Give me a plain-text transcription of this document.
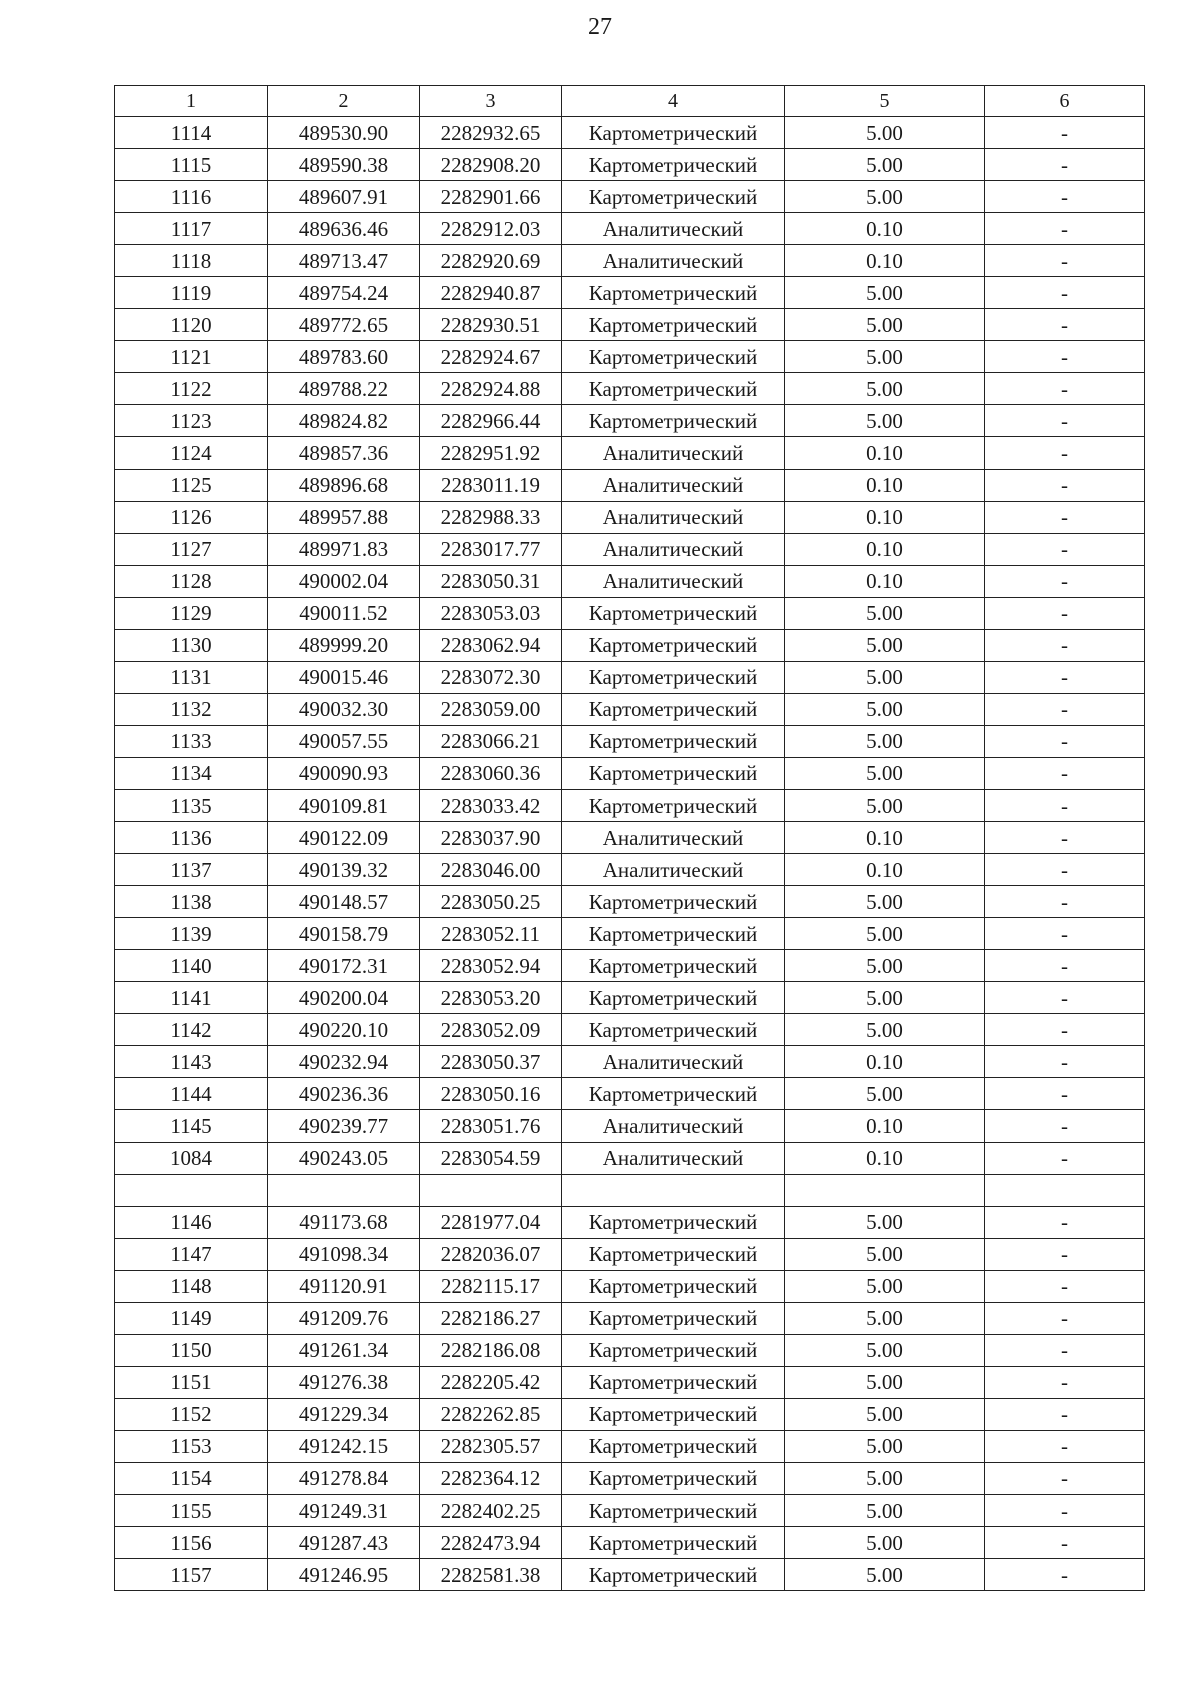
27
1	2	3	4	5	6
1114	489530.90	2282932.65	Картометрический	5.00	-
1115	489590.38	2282908.20	Картометрический	5.00	-
1116	489607.91	2282901.66	Картометрический	5.00	-
1117	489636.46	2282912.03	Аналитический	0.10	-
1118	489713.47	2282920.69	Аналитический	0.10	-
1119	489754.24	2282940.87	Картометрический	5.00	-
1120	489772.65	2282930.51	Картометрический	5.00	-
1121	489783.60	2282924.67	Картометрический	5.00	-
1122	489788.22	2282924.88	Картометрический	5.00	-
1123	489824.82	2282966.44	Картометрический	5.00	-
1124	489857.36	2282951.92	Аналитический	0.10	-
1125	489896.68	2283011.19	Аналитический	0.10	-
1126	489957.88	2282988.33	Аналитический	0.10	-
1127	489971.83	2283017.77	Аналитический	0.10	-
1128	490002.04	2283050.31	Аналитический	0.10	-
1129	490011.52	2283053.03	Картометрический	5.00	-
1130	489999.20	2283062.94	Картометрический	5.00	-
1131	490015.46	2283072.30	Картометрический	5.00	-
1132	490032.30	2283059.00	Картометрический	5.00	-
1133	490057.55	2283066.21	Картометрический	5.00	-
1134	490090.93	2283060.36	Картометрический	5.00	-
1135	490109.81	2283033.42	Картометрический	5.00	-
1136	490122.09	2283037.90	Аналитический	0.10	-
1137	490139.32	2283046.00	Аналитический	0.10	-
1138	490148.57	2283050.25	Картометрический	5.00	-
1139	490158.79	2283052.11	Картометрический	5.00	-
1140	490172.31	2283052.94	Картометрический	5.00	-
1141	490200.04	2283053.20	Картометрический	5.00	-
1142	490220.10	2283052.09	Картометрический	5.00	-
1143	490232.94	2283050.37	Аналитический	0.10	-
1144	490236.36	2283050.16	Картометрический	5.00	-
1145	490239.77	2283051.76	Аналитический	0.10	-
1084	490243.05	2283054.59	Аналитический	0.10	-

1146	491173.68	2281977.04	Картометрический	5.00	-
1147	491098.34	2282036.07	Картометрический	5.00	-
1148	491120.91	2282115.17	Картометрический	5.00	-
1149	491209.76	2282186.27	Картометрический	5.00	-
1150	491261.34	2282186.08	Картометрический	5.00	-
1151	491276.38	2282205.42	Картометрический	5.00	-
1152	491229.34	2282262.85	Картометрический	5.00	-
1153	491242.15	2282305.57	Картометрический	5.00	-
1154	491278.84	2282364.12	Картометрический	5.00	-
1155	491249.31	2282402.25	Картометрический	5.00	-
1156	491287.43	2282473.94	Картометрический	5.00	-
1157	491246.95	2282581.38	Картометрический	5.00	-
